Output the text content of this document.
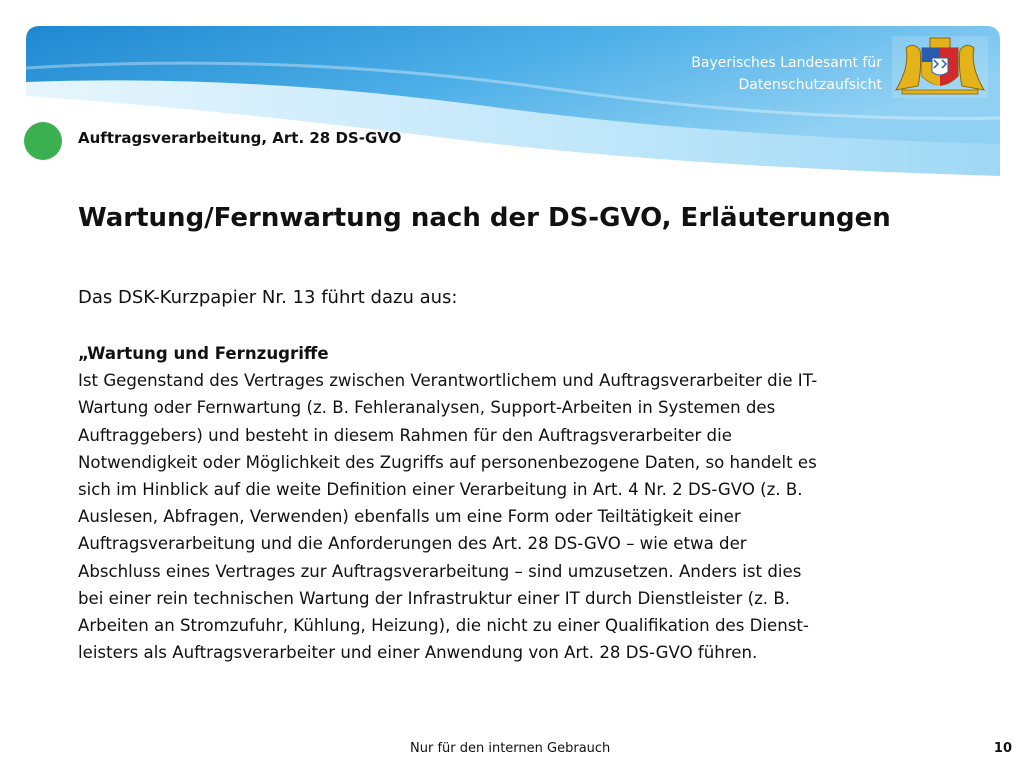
Bayerisches Landesamt für
Datenschutzaufsicht
Auftragsverarbeitung, Art. 28 DS-GVO
Wartung/Fernwartung nach der DS-GVO, Erläuterungen
Das DSK-Kurzpapier Nr. 13 führt dazu aus:
„Wartung und Fernzugriffe
Ist Gegenstand des Vertrages zwischen Verantwortlichem und Auftragsverarbeiter die IT-
Wartung oder Fernwartung (z. B. Fehleranalysen, Support-Arbeiten in Systemen des
Auftraggebers) und besteht in diesem Rahmen für den Auftragsverarbeiter die
Notwendigkeit oder Möglichkeit des Zugriffs auf personenbezogene Daten, so handelt es
sich im Hinblick auf die weite Definition einer Verarbeitung in Art. 4 Nr. 2 DS-GVO (z. B.
Auslesen, Abfragen, Verwenden) ebenfalls um eine Form oder Teiltätigkeit einer
Auftragsverarbeitung und die Anforderungen des Art. 28 DS-GVO – wie etwa der
Abschluss eines Vertrages zur Auftragsverarbeitung – sind umzusetzen. Anders ist dies
bei einer rein technischen Wartung der Infrastruktur einer IT durch Dienstleister (z. B.
Arbeiten an Stromzufuhr, Kühlung, Heizung), die nicht zu einer Qualifikation des Dienst-
leisters als Auftragsverarbeiter und einer Anwendung von Art. 28 DS-GVO führen.
Nur für den internen Gebrauch	10
